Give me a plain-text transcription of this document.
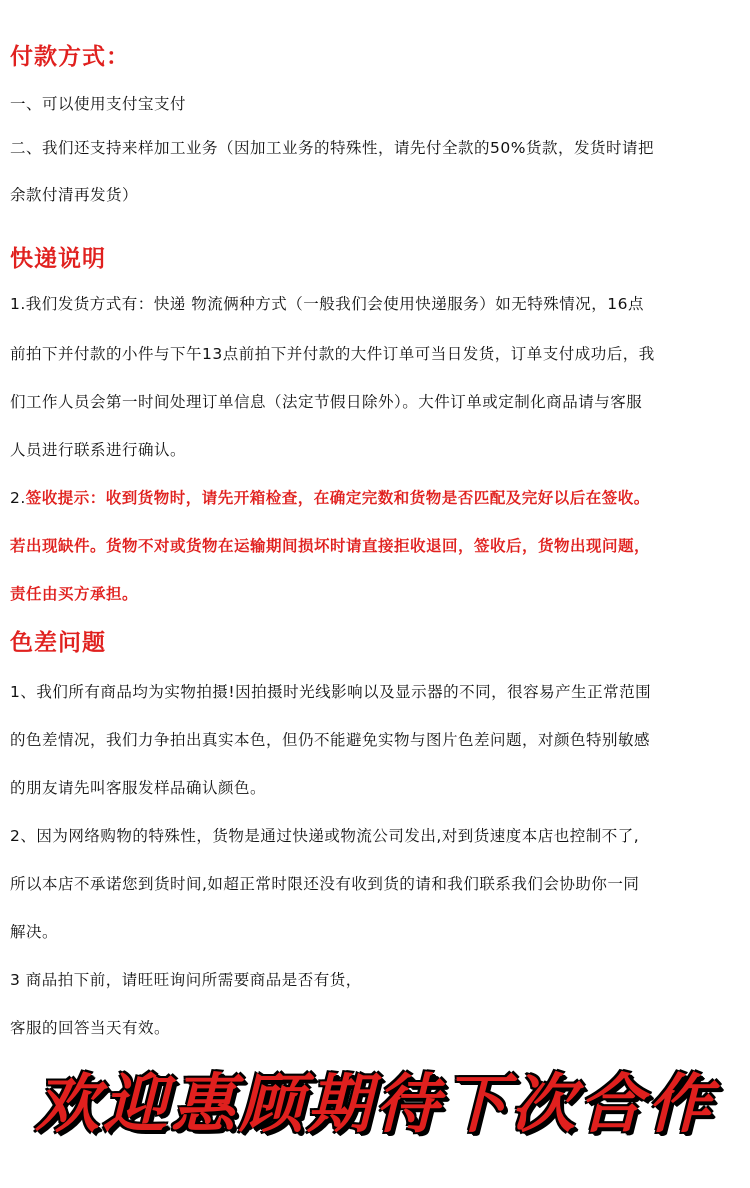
付款方式：
一、可以使用支付宝支付
二、我们还支持来样加工业务（因加工业务的特殊性，请先付全款的50%货款，发货时请把
余款付清再发货）
快递说明
1.我们发货方式有：快递 物流俩种方式（一般我们会使用快递服务）如无特殊情况，16点
前拍下并付款的小件与下午13点前拍下并付款的大件订单可当日发货，订单支付成功后，我
们工作人员会第一时间处理订单信息（法定节假日除外）。大件订单或定制化商品请与客服
人员进行联系进行确认。
2.签收提示：收到货物时，请先开箱检查，在确定完数和货物是否匹配及完好以后在签收。
若出现缺件。货物不对或货物在运输期间损坏时请直接拒收退回，签收后，货物出现问题，
责任由买方承担。
色差问题
1、我们所有商品均为实物拍摄!因拍摄时光线影响以及显示器的不同，很容易产生正常范围
的色差情况，我们力争拍出真实本色，但仍不能避免实物与图片色差问题，对颜色特别敏感
的朋友请先叫客服发样品确认颜色。
2、因为网络购物的特殊性，货物是通过快递或物流公司发出,对到货速度本店也控制不了,
所以本店不承诺您到货时间,如超正常时限还没有收到货的请和我们联系我们会协助你一同
解决。
3 商品拍下前，请旺旺询问所需要商品是否有货，
客服的回答当天有效。
欢迎惠顾期待下次合作
